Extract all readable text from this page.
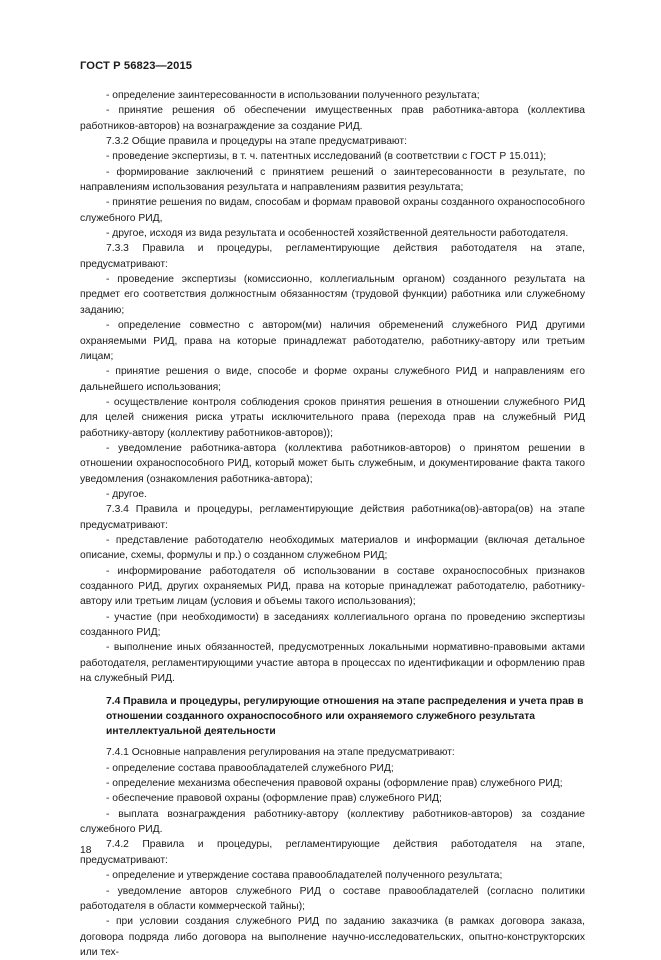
ГОСТ Р 56823—2015

- определение заинтересованности в использовании полученного результата;

- принятие решения об обеспечении имущественных прав работника-автора (коллектива работников-авторов) на вознаграждение за создание РИД.

7.3.2 Общие правила и процедуры на этапе предусматривают:

- проведение экспертизы, в т. ч. патентных исследований (в соответствии с ГОСТ Р 15.011);

- формирование заключений с принятием решений о заинтересованности в результате, по направлениям использования результата и направлениям развития результата;

- принятие решения по видам, способам и формам правовой охраны созданного охраноспособного служебного РИД,

- другое, исходя из вида результата и особенностей хозяйственной деятельности работодателя.

7.3.3 Правила и процедуры, регламентирующие действия работодателя на этапе, предусматривают:

- проведение экспертизы (комиссионно, коллегиальным органом) созданного результата на предмет его соответствия должностным обязанностям (трудовой функции) работника или служебному заданию;

- определение совместно с автором(ми) наличия обременений служебного РИД другими охраняемыми РИД, права на которые принадлежат работодателю, работнику-автору или третьим лицам;

- принятие решения о виде, способе и форме охраны служебного РИД и направлениям его дальнейшего использования;

- осуществление контроля соблюдения сроков принятия решения в отношении служебного РИД для целей снижения риска утраты исключительного права (перехода прав на служебный РИД работнику-автору (коллективу работников-авторов));

- уведомление работника-автора (коллектива работников-авторов) о принятом решении в отношении охраноспособного РИД, который может быть служебным, и документирование факта такого уведомления (ознакомления работника-автора);

- другое.

7.3.4 Правила и процедуры, регламентирующие действия работника(ов)-автора(ов) на этапе предусматривают:

- представление работодателю необходимых материалов и информации (включая детальное описание, схемы, формулы и пр.) о созданном служебном РИД;

- информирование работодателя об использовании в составе охраноспособных признаков созданного РИД, других охраняемых РИД, права на которые принадлежат работодателю, работнику-автору или третьим лицам (условия и объемы такого использования);

- участие (при необходимости) в заседаниях коллегиального органа по проведению экспертизы созданного РИД;

- выполнение иных обязанностей, предусмотренных локальными нормативно-правовыми актами работодателя, регламентирующими участие автора в процессах по идентификации и оформлению прав на служебный РИД.

7.4 Правила и процедуры, регулирующие отношения на этапе распределения и учета прав в отношении созданного охраноспособного или охраняемого служебного результата интеллектуальной деятельности

7.4.1 Основные направления регулирования на этапе предусматривают:

- определение состава правообладателей служебного РИД;

- определение механизма обеспечения правовой охраны (оформление прав) служебного РИД;

- обеспечение правовой охраны (оформление прав) служебного РИД;

- выплата вознаграждения работнику-автору (коллективу работников-авторов) за создание служебного РИД.

7.4.2 Правила и процедуры, регламентирующие действия работодателя на этапе, предусматривают:

- определение и утверждение состава правообладателей полученного результата;

- уведомление авторов служебного РИД о составе правообладателей (согласно политики работодателя в области коммерческой тайны);

- при условии создания служебного РИД по заданию заказчика (в рамках договора заказа, договора подряда либо договора на выполнение научно-исследовательских, опытно-конструкторских или тех-

18
